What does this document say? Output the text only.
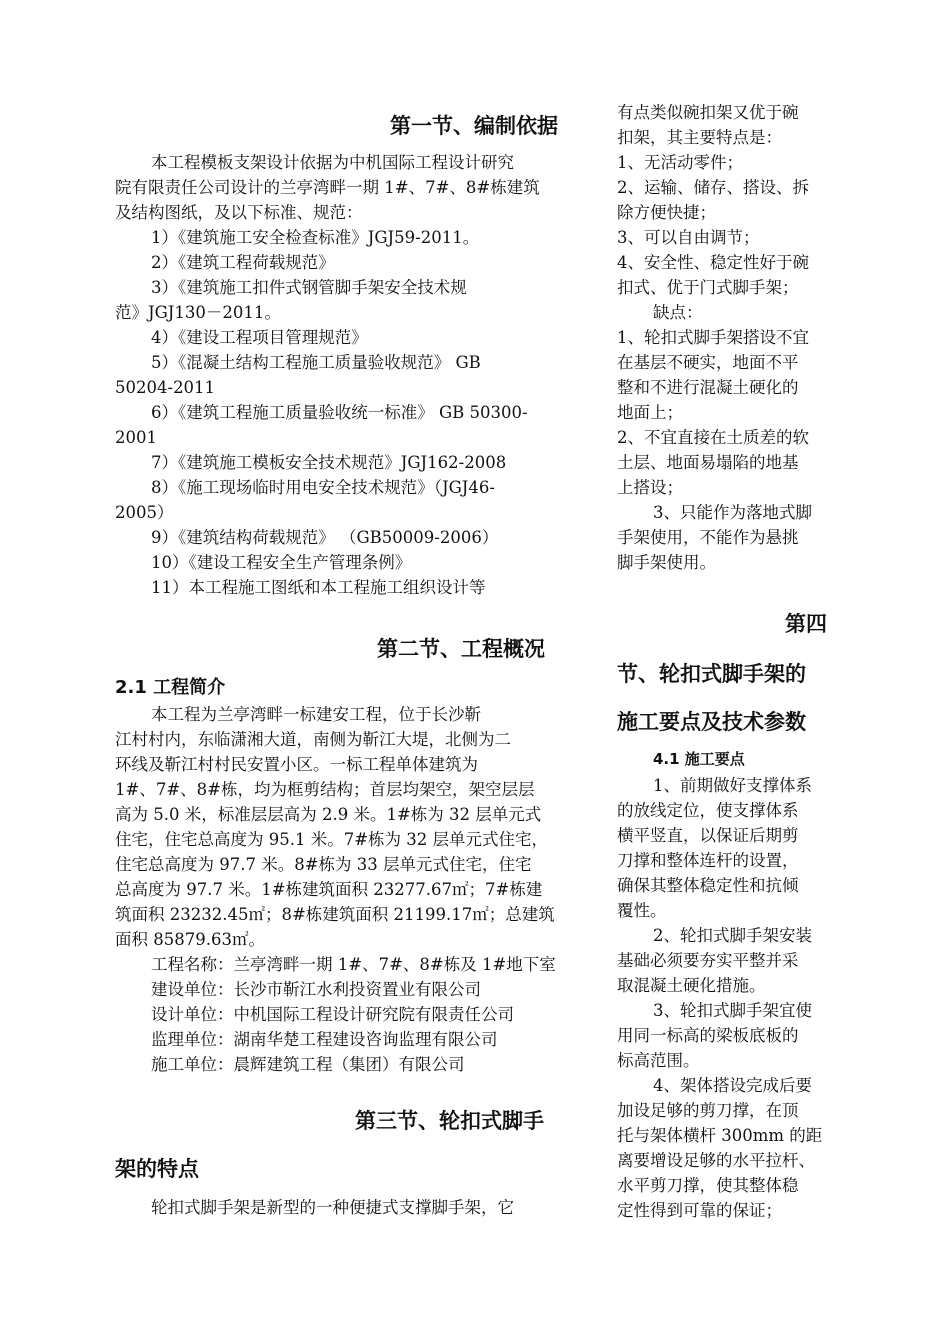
第一节、编制依据
本工程模板支架设计依据为中机国际工程设计研究
院有限责任公司设计的兰亭湾畔一期 1#、7#、8#栋建筑
及结构图纸，及以下标准、规范：
1）《建筑施工安全检查标准》JGJ59-2011。
2）《建筑工程荷载规范》
3）《建筑施工扣件式钢管脚手架安全技术规
范》JGJ130－2011。
4）《建设工程项目管理规范》
5）《混凝土结构工程施工质量验收规范》 GB
50204-2011
6）《建筑工程施工质量验收统一标准》 GB 50300-
2001
7）《建筑施工模板安全技术规范》JGJ162-2008
8）《施工现场临时用电安全技术规范》（JGJ46-
2005）
9）《建筑结构荷载规范》 （GB50009-2006）
10）《建设工程安全生产管理条例》
11）本工程施工图纸和本工程施工组织设计等
第二节、工程概况
2.1 工程简介
本工程为兰亭湾畔一标建安工程，位于长沙靳
江村村内，东临潇湘大道，南侧为靳江大堤，北侧为二
环线及靳江村村民安置小区。一标工程单体建筑为
1#、7#、8#栋，均为框剪结构；首层均架空，架空层层
高为 5.0 米，标准层层高为 2.9 米。1#栋为 32 层单元式
住宅，住宅总高度为 95.1 米。7#栋为 32 层单元式住宅，
住宅总高度为 97.7 米。8#栋为 33 层单元式住宅，住宅
总高度为 97.7 米。1#栋建筑面积 23277.67㎡；7#栋建
筑面积 23232.45㎡；8#栋建筑面积 21199.17㎡；总建筑
面积 85879.63㎡。
工程名称：兰亭湾畔一期 1#、7#、8#栋及 1#地下室
建设单位：长沙市靳江水利投资置业有限公司
设计单位：中机国际工程设计研究院有限责任公司
监理单位：湖南华楚工程建设咨询监理有限公司
施工单位：晨辉建筑工程（集团）有限公司
第三节、轮扣式脚手
架的特点
轮扣式脚手架是新型的一种便捷式支撑脚手架，它
有点类似碗扣架又优于碗
扣架，其主要特点是：
1、无活动零件；
2、运输、储存、搭设、拆
除方便快捷；
3、可以自由调节；
4、安全性、稳定性好于碗
扣式、优于门式脚手架；
缺点：
1、轮扣式脚手架搭设不宜
在基层不硬实，地面不平
整和不进行混凝土硬化的
地面上；
2、不宜直接在土质差的软
土层、地面易塌陷的地基
上搭设；
3、只能作为落地式脚
手架使用，不能作为悬挑
脚手架使用。
第四
节、轮扣式脚手架的
施工要点及技术参数
4.1 施工要点
1、前期做好支撑体系
的放线定位，使支撑体系
横平竖直，以保证后期剪
刀撑和整体连杆的设置，
确保其整体稳定性和抗倾
覆性。
2、轮扣式脚手架安装
基础必须要夯实平整并采
取混凝土硬化措施。
3、轮扣式脚手架宜使
用同一标高的梁板底板的
标高范围。
4、架体搭设完成后要
加设足够的剪刀撑，在顶
托与架体横杆 300mm 的距
离要增设足够的水平拉杆、
水平剪刀撑，使其整体稳
定性得到可靠的保证；
